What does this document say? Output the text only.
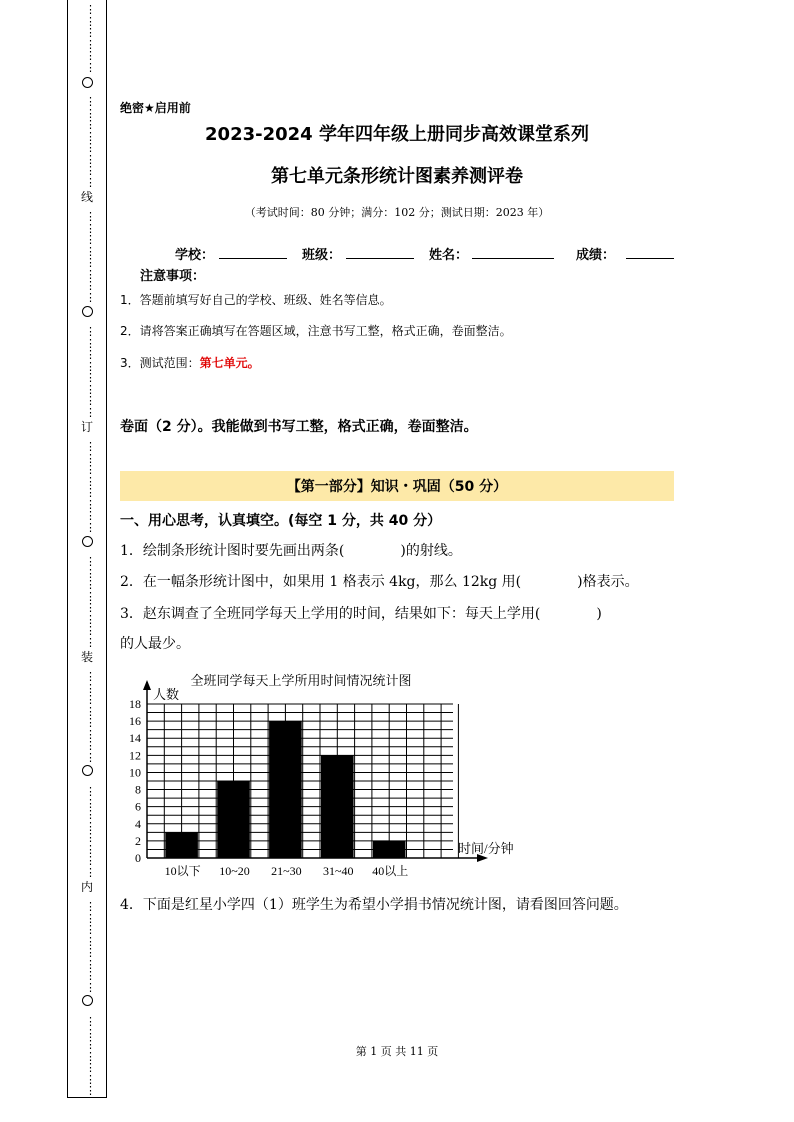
⋮
⋮
⋮
⋮
⋮
⋮
⋮
⋮
⋮
⋮
⋮
⋮
⋮
⋮
⋮
⋮
⋮
⋮
⋮
⋮
⋮
⋮
⋮
⋮
⋮
⋮
⋮
⋮
⋮
⋮
⋮
⋮
⋮
⋮
⋮
⋮
⋮
⋮
⋮
⋮
⋮
⋮
⋮
⋮
⋮
⋮
⋮
⋮
⋮
⋮
⋮
⋮
⋮
⋮
⋮
⋮
⋮
⋮
⋮
⋮
⋮
⋮
⋮
⋮
⋮
⋮
⋮
⋮
⋮
⋮
⋮
⋮
⋮
⋮
⋮
⋮
⋮
线
订
装
内
绝密★启用前
2023-2024 学年四年级上册同步高效课堂系列
第七单元条形统计图素养测评卷
（考试时间：80 分钟；满分：102 分；测试日期：2023 年）
学校：	班级：	姓名：	成绩：
注意事项：
1．答题前填写好自己的学校、班级、姓名等信息。
2．请将答案正确填写在答题区域，注意书写工整，格式正确，卷面整洁。
3．测试范围：第七单元。
卷面（2 分）。我能做到书写工整，格式正确，卷面整洁。
【第一部分】知识・巩固（50 分）
一、用心思考，认真填空。(每空 1 分，共 40 分）
1．绘制条形统计图时要先画出两条(　　　　)的射线。
2．在一幅条形统计图中，如果用 1 格表示 4kg，那么 12kg 用(　　　　)格表示。
3．赵东调查了全班同学每天上学用的时间，结果如下：每天上学用(　　　　)
的人最少。
全班同学每天上学所用时间情况统计图
人数
时间/分钟
0
2
4
6
8
10
12
14
16
18
10以下 10~20 21~30 31~40 40以上
4．下面是红星小学四（1）班学生为希望小学捐书情况统计图，请看图回答问题。
第 1 页 共 11 页
